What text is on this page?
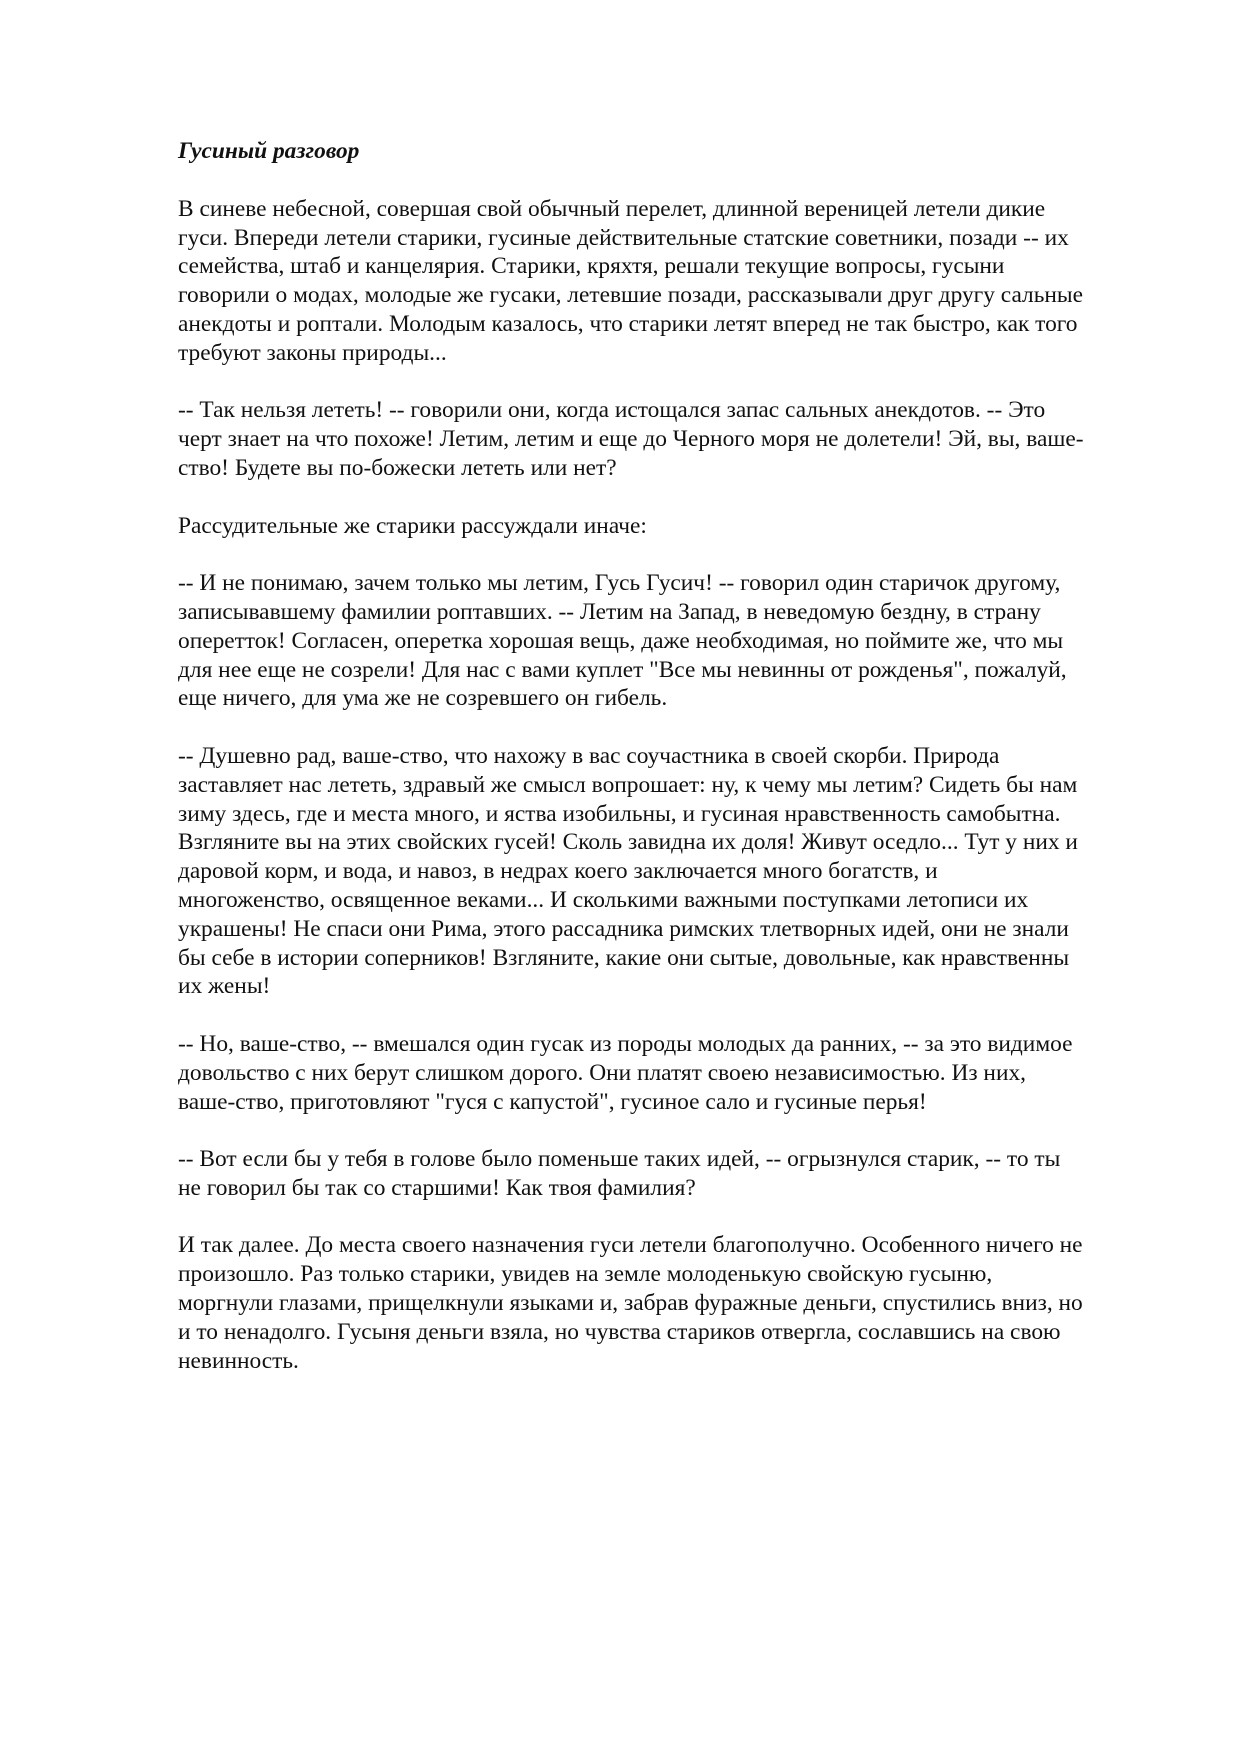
Гусиный разговор
В синеве небесной, совершая свой обычный перелет, длинной вереницей летели дикие
гуси. Впереди летели старики, гусиные действительные статские советники, позади -- их
семейства, штаб и канцелярия. Старики, кряхтя, решали текущие вопросы, гусыни
говорили о модах, молодые же гусаки, летевшие позади, рассказывали друг другу сальные
анекдоты и роптали. Молодым казалось, что старики летят вперед не так быстро, как того
требуют законы природы...
-- Так нельзя лететь! -- говорили они, когда истощался запас сальных анекдотов. -- Это
черт знает на что похоже! Летим, летим и еще до Черного моря не долетели! Эй, вы, ваше-
ство! Будете вы по-божески лететь или нет?
Рассудительные же старики рассуждали иначе:
-- И не понимаю, зачем только мы летим, Гусь Гусич! -- говорил один старичок другому,
записывавшему фамилии роптавших. -- Летим на Запад, в неведомую бездну, в страну
оперетток! Согласен, оперетка хорошая вещь, даже необходимая, но поймите же, что мы
для нее еще не созрели! Для нас с вами куплет "Все мы невинны от рожденья", пожалуй,
еще ничего, для ума же не созревшего он гибель.
-- Душевно рад, ваше-ство, что нахожу в вас соучастника в своей скорби. Природа
заставляет нас лететь, здравый же смысл вопрошает: ну, к чему мы летим? Сидеть бы нам
зиму здесь, где и места много, и яства изобильны, и гусиная нравственность самобытна.
Взгляните вы на этих свойских гусей! Сколь завидна их доля! Живут оседло... Тут у них и
даровой корм, и вода, и навоз, в недрах коего заключается много богатств, и
многоженство, освященное веками... И сколькими важными поступками летописи их
украшены! Не спаси они Рима, этого рассадника римских тлетворных идей, они не знали
бы себе в истории соперников! Взгляните, какие они сытые, довольные, как нравственны
их жены!
-- Но, ваше-ство, -- вмешался один гусак из породы молодых да ранних, -- за это видимое
довольство с них берут слишком дорого. Они платят своею независимостью. Из них,
ваше-ство, приготовляют "гуся с капустой", гусиное сало и гусиные перья!
-- Вот если бы у тебя в голове было поменьше таких идей, -- огрызнулся старик, -- то ты
не говорил бы так со старшими! Как твоя фамилия?
И так далее. До места своего назначения гуси летели благополучно. Особенного ничего не
произошло. Раз только старики, увидев на земле молоденькую свойскую гусыню,
моргнули глазами, прищелкнули языками и, забрав фуражные деньги, спустились вниз, но
и то ненадолго. Гусыня деньги взяла, но чувства стариков отвергла, сославшись на свою
невинность.
